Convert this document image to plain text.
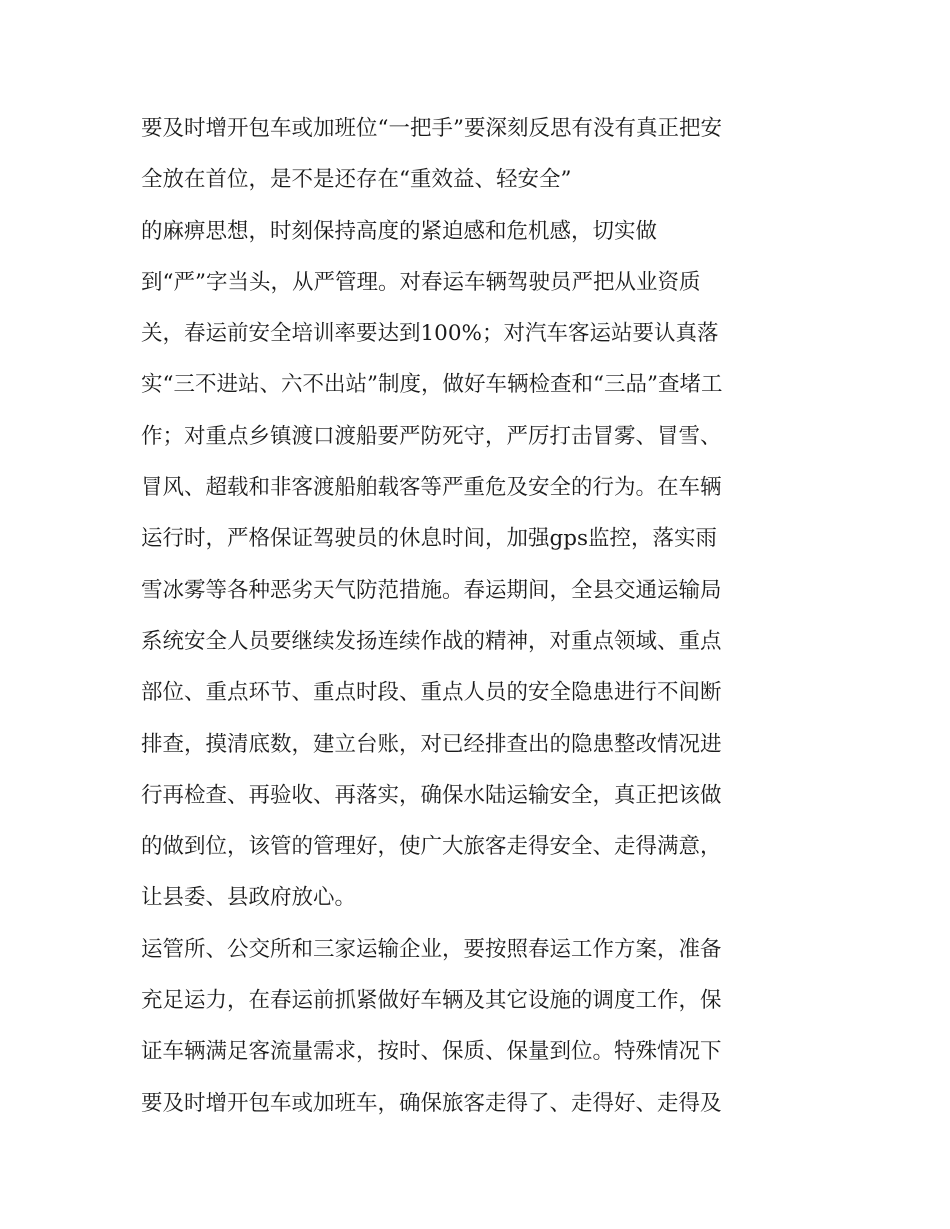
要及时增开包车或加班位“一把手”要深刻反思有没有真正把安
全放在首位，是不是还存在“重效益、轻安全”
的麻痹思想，时刻保持高度的紧迫感和危机感，切实做
到“严”字当头，从严管理。对春运车辆驾驶员严把从业资质
关，春运前安全培训率要达到100%；对汽车客运站要认真落
实“三不进站、六不出站”制度，做好车辆检查和“三品”查堵工
作；对重点乡镇渡口渡船要严防死守，严厉打击冒雾、冒雪、
冒风、超载和非客渡船舶载客等严重危及安全的行为。在车辆
运行时，严格保证驾驶员的休息时间，加强gps监控，落实雨
雪冰雾等各种恶劣天气防范措施。春运期间，全县交通运输局
系统安全人员要继续发扬连续作战的精神，对重点领域、重点
部位、重点环节、重点时段、重点人员的安全隐患进行不间断
排查，摸清底数，建立台账，对已经排查出的隐患整改情况进
行再检查、再验收、再落实，确保水陆运输安全，真正把该做
的做到位，该管的管理好，使广大旅客走得安全、走得满意，
让县委、县政府放心。
运管所、公交所和三家运输企业，要按照春运工作方案，准备
充足运力，在春运前抓紧做好车辆及其它设施的调度工作，保
证车辆满足客流量需求，按时、保质、保量到位。特殊情况下
要及时增开包车或加班车，确保旅客走得了、走得好、走得及
